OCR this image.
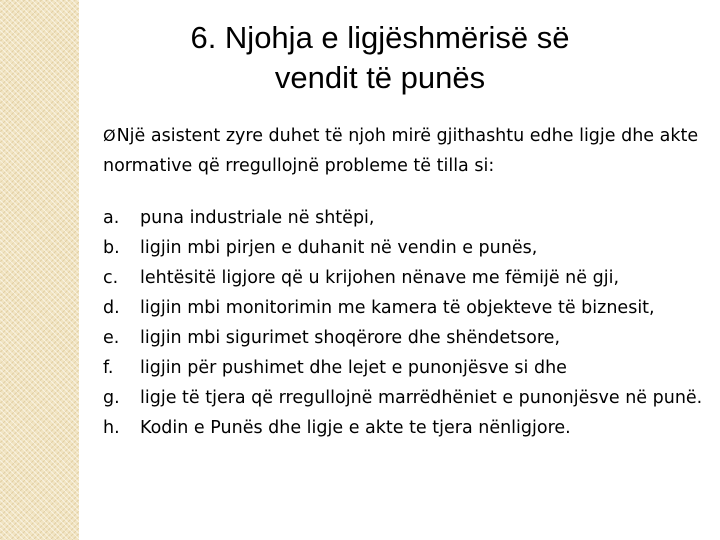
6. Njohja e ligjëshmërisë së
vendit të punës

ØNjë asistent zyre duhet të njoh mirë gjithashtu edhe ligje dhe akte normative që rregullojnë probleme të tilla si:

a. puna industriale në shtëpi,
b. ligjin mbi pirjen e duhanit në vendin e punës,
c. lehtësitë ligjore që u krijohen nënave me fëmijë në gji,
d. ligjin mbi monitorimin me kamera të objekteve të biznesit,
e. ligjin mbi sigurimet shoqërore dhe shëndetsore,
f. ligjin për pushimet dhe lejet e punonjësve si dhe
g. ligje të tjera që rregullojnë marrëdhëniet e punonjësve në punë.
h. Kodin e Punës dhe ligje e akte te tjera nënligjore.
